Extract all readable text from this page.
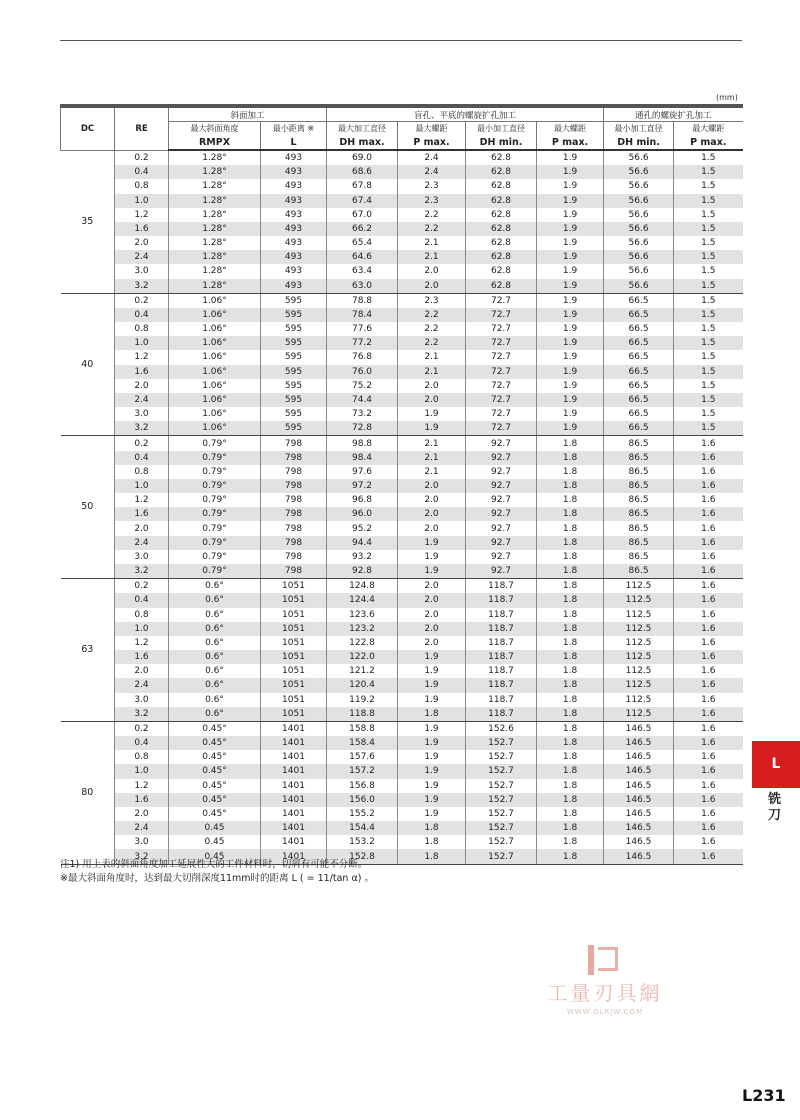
(mm)
DC	RE	斜面加工		盲孔、平底的螺旋扩孔加工				通孔的螺旋扩孔加工	
		最大斜面角度	最小距离 ※	最大加工直径	最大螺距	最小加工直径	最大螺距	最小加工直径	最大螺距
		RMPX	L	DH max.	P max.	DH min.	P max.	DH min.	P max.
35	0.2	1.28°	493	69.0	2.4	62.8	1.9	56.6	1.5
	0.4	1.28°	493	68.6	2.4	62.8	1.9	56.6	1.5
	0.8	1.28°	493	67.8	2.3	62.8	1.9	56.6	1.5
	1.0	1.28°	493	67.4	2.3	62.8	1.9	56.6	1.5
	1.2	1.28°	493	67.0	2.2	62.8	1.9	56.6	1.5
	1.6	1.28°	493	66.2	2.2	62.8	1.9	56.6	1.5
	2.0	1.28°	493	65.4	2.1	62.8	1.9	56.6	1.5
	2.4	1.28°	493	64.6	2.1	62.8	1.9	56.6	1.5
	3.0	1.28°	493	63.4	2.0	62.8	1.9	56.6	1.5
	3.2	1.28°	493	63.0	2.0	62.8	1.9	56.6	1.5
40	0.2	1.06°	595	78.8	2.3	72.7	1.9	66.5	1.5
	0.4	1.06°	595	78.4	2.2	72.7	1.9	66.5	1.5
	0.8	1.06°	595	77.6	2.2	72.7	1.9	66.5	1.5
	1.0	1.06°	595	77.2	2.2	72.7	1.9	66.5	1.5
	1.2	1.06°	595	76.8	2.1	72.7	1.9	66.5	1.5
	1.6	1.06°	595	76.0	2.1	72.7	1.9	66.5	1.5
	2.0	1.06°	595	75.2	2.0	72.7	1.9	66.5	1.5
	2.4	1.06°	595	74.4	2.0	72.7	1.9	66.5	1.5
	3.0	1.06°	595	73.2	1.9	72.7	1.9	66.5	1.5
	3.2	1.06°	595	72.8	1.9	72.7	1.9	66.5	1.5
50	0.2	0.79°	798	98.8	2.1	92.7	1.8	86.5	1.6
	0.4	0.79°	798	98.4	2.1	92.7	1.8	86.5	1.6
	0.8	0.79°	798	97.6	2.1	92.7	1.8	86.5	1.6
	1.0	0.79°	798	97.2	2.0	92.7	1.8	86.5	1.6
	1.2	0.79°	798	96.8	2.0	92.7	1.8	86.5	1.6
	1.6	0.79°	798	96.0	2.0	92.7	1.8	86.5	1.6
	2.0	0.79°	798	95.2	2.0	92.7	1.8	86.5	1.6
	2.4	0.79°	798	94.4	1.9	92.7	1.8	86.5	1.6
	3.0	0.79°	798	93.2	1.9	92.7	1.8	86.5	1.6
	3.2	0.79°	798	92.8	1.9	92.7	1.8	86.5	1.6
63	0.2	0.6°	1051	124.8	2.0	118.7	1.8	112.5	1.6
	0.4	0.6°	1051	124.4	2.0	118.7	1.8	112.5	1.6
	0.8	0.6°	1051	123.6	2.0	118.7	1.8	112.5	1.6
	1.0	0.6°	1051	123.2	2.0	118.7	1.8	112.5	1.6
	1.2	0.6°	1051	122.8	2.0	118.7	1.8	112.5	1.6
	1.6	0.6°	1051	122.0	1.9	118.7	1.8	112.5	1.6
	2.0	0.6°	1051	121.2	1.9	118.7	1.8	112.5	1.6
	2.4	0.6°	1051	120.4	1.9	118.7	1.8	112.5	1.6
	3.0	0.6°	1051	119.2	1.9	118.7	1.8	112.5	1.6
	3.2	0.6°	1051	118.8	1.8	118.7	1.8	112.5	1.6
80	0.2	0.45°	1401	158.8	1.9	152.6	1.8	146.5	1.6
	0.4	0.45°	1401	158.4	1.9	152.7	1.8	146.5	1.6
	0.8	0.45°	1401	157.6	1.9	152.7	1.8	146.5	1.6
	1.0	0.45°	1401	157.2	1.9	152.7	1.8	146.5	1.6
	1.2	0.45°	1401	156.8	1.9	152.7	1.8	146.5	1.6
	1.6	0.45°	1401	156.0	1.9	152.7	1.8	146.5	1.6
	2.0	0.45°	1401	155.2	1.9	152.7	1.8	146.5	1.6
	2.4	0.45	1401	154.4	1.8	152.7	1.8	146.5	1.6
	3.0	0.45	1401	153.2	1.8	152.7	1.8	146.5	1.6
	3.2	0.45	1401	152.8	1.8	152.7	1.8	146.5	1.6
注1) 用上表的斜面角度加工延展性大的工件材料时，切屑有可能不分断。
※最大斜面角度时，达到最大切削深度11mm时的距离 L ( = 11/tan α) 。
L
铣刀
工量刃具網
WWW.GLRJW.COM
L231
